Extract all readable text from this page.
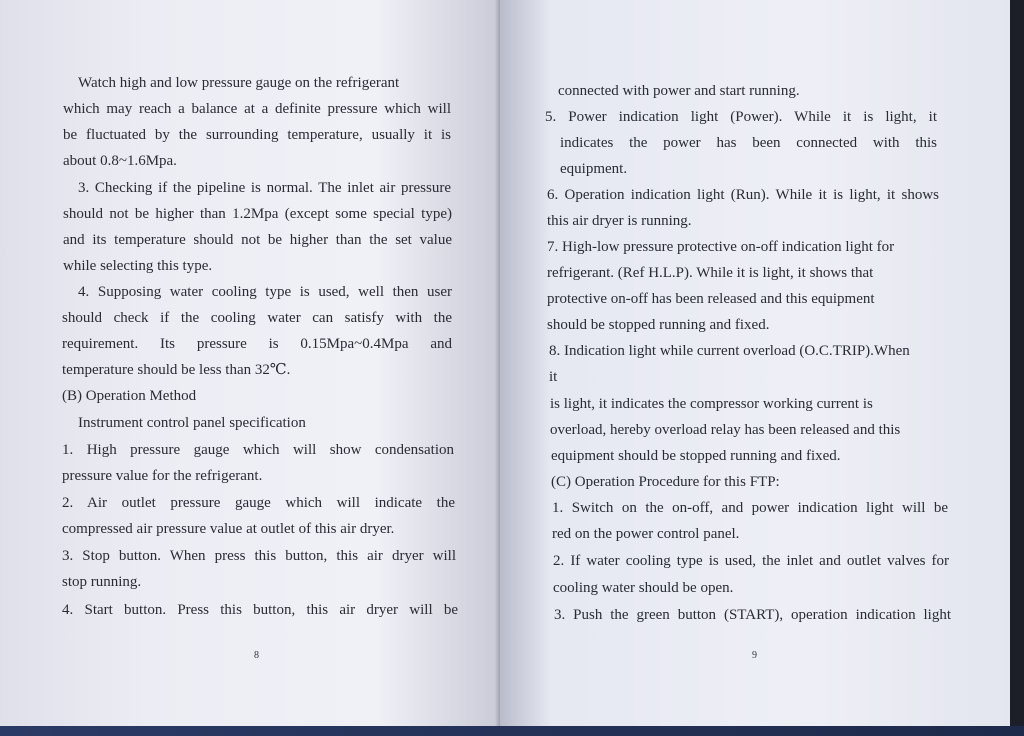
Watch high and low pressure gauge on the refrigerant
which may reach a balance at a definite pressure which will
be fluctuated by the surrounding temperature, usually it is
about 0.8~1.6Mpa.
3. Checking if the pipeline is normal. The inlet air pressure
should not be higher than 1.2Mpa (except some special type)
and its temperature should not be higher than the set value
while selecting this type.
4. Supposing water cooling type is used, well then user
should check if the cooling water can satisfy with the
requirement. Its pressure is 0.15Mpa~0.4Mpa and
temperature should be less than 32℃.
(B) Operation Method
Instrument control panel specification
1. High pressure gauge which will show condensation
pressure value for the refrigerant.
2. Air outlet pressure gauge which will indicate the
compressed air pressure value at outlet of this air dryer.
3. Stop button. When press this button, this air dryer will
stop running.
4. Start button. Press this button, this air dryer will be
8
connected with power and start running.
5. Power indication light (Power). While it is light, it
indicates the power has been connected with this
equipment.
6. Operation indication light (Run). While it is light, it shows
this air dryer is running.
7. High-low pressure protective on-off indication light for
refrigerant. (Ref H.L.P). While it is light, it shows that
protective on-off has been released and this equipment
should be stopped running and fixed.
8. Indication light while current overload (O.C.TRIP).When
it
is light, it indicates the compressor working current is
overload, hereby overload relay has been released and this
equipment should be stopped running and fixed.
(C) Operation Procedure for this FTP:
1. Switch on the on-off, and power indication light will be
red on the power control panel.
2. If water cooling type is used, the inlet and outlet valves for
cooling water should be open.
3. Push the green button (START), operation indication light
9
